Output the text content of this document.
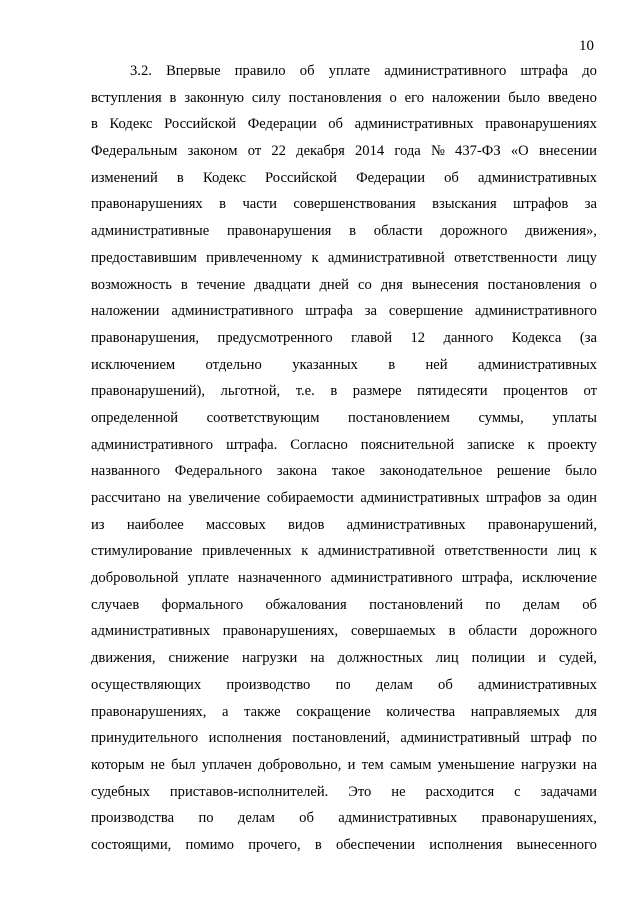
10
3.2. Впервые правило об уплате административного штрафа до
вступления в законную силу постановления о его наложении было введено
в Кодекс Российской Федерации об административных правонарушениях
Федеральным законом от 22 декабря 2014 года № 437-ФЗ «О внесении
изменений в Кодекс Российской Федерации об административных
правонарушениях в части совершенствования взыскания штрафов за
административные правонарушения в области дорожного движения»,
предоставившим привлеченному к административной ответственности лицу
возможность в течение двадцати дней со дня вынесения постановления о
наложении административного штрафа за совершение административного
правонарушения, предусмотренного главой 12 данного Кодекса (за
исключением отдельно указанных в ней административных
правонарушений), льготной, т.е. в размере пятидесяти процентов от
определенной соответствующим постановлением суммы, уплаты
административного штрафа. Согласно пояснительной записке к проекту
названного Федерального закона такое законодательное решение было
рассчитано на увеличение собираемости административных штрафов за один
из наиболее массовых видов административных правонарушений,
стимулирование привлеченных к административной ответственности лиц к
добровольной уплате назначенного административного штрафа, исключение
случаев формального обжалования постановлений по делам об
административных правонарушениях, совершаемых в области дорожного
движения, снижение нагрузки на должностных лиц полиции и судей,
осуществляющих производство по делам об административных
правонарушениях, а также сокращение количества направляемых для
принудительного исполнения постановлений, административный штраф по
которым не был уплачен добровольно, и тем самым уменьшение нагрузки на
судебных приставов-исполнителей. Это не расходится с задачами
производства по делам об административных правонарушениях,
состоящими, помимо прочего, в обеспечении исполнения вынесенного
